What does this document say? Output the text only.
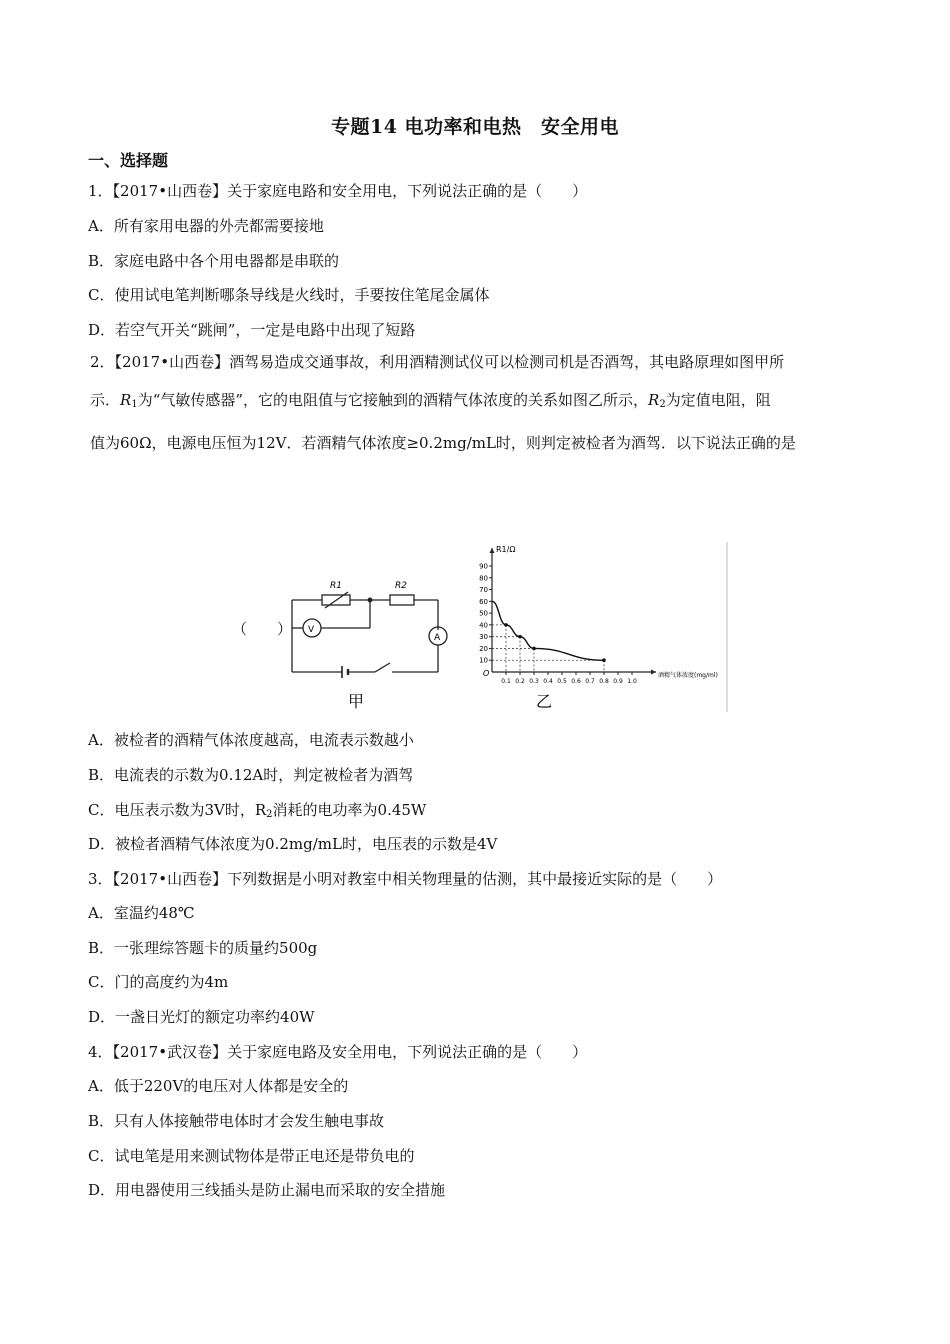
专题14 电功率和电热　安全用电
一、选择题
1．【2017•山西卷】关于家庭电路和安全用电，下列说法正确的是（　　）
A．所有家用电器的外壳都需要接地
B．家庭电路中各个用电器都是串联的
C．使用试电笔判断哪条导线是火线时，手要按住笔尾金属体
D．若空气开关“跳闸”，一定是电路中出现了短路
2．【2017•山西卷】酒驾易造成交通事故，利用酒精测试仪可以检测司机是否酒驾，其电路原理如图甲所
示．$R_1$为“气敏传感器”，它的电阻值与它接触到的酒精气体浓度的关系如图乙所示，$R_2$为定值电阻，阻
值为60Ω，电源电压恒为12V．若酒精气体浓度≥0.2mg/mL时，则判定被检者为酒驾．以下说法正确的是
（　　）
R1	R2
V
A
甲
10
20
30
40
50
60
70
80
90
0.1 0.2 0.3 0.4 0.5 0.6 0.7 0.8 0.9 1.0
O
R1/Ω
酒精气体浓度(mg/ml)
乙
A．被检者的酒精气体浓度越高，电流表示数越小
B．电流表的示数为0.12A时，判定被检者为酒驾
C．电压表示数为3V时，$R_2$消耗的电功率为0.45W
D．被检者酒精气体浓度为0.2mg/mL时，电压表的示数是4V
3．【2017•山西卷】下列数据是小明对教室中相关物理量的估测，其中最接近实际的是（　　）
A．室温约48℃
B．一张理综答题卡的质量约500g
C．门的高度约为4m
D．一盏日光灯的额定功率约40W
4．【2017•武汉卷】关于家庭电路及安全用电，下列说法正确的是（　　）
A．低于220V的电压对人体都是安全的
B．只有人体接触带电体时才会发生触电事故
C．试电笔是用来测试物体是带正电还是带负电的
D．用电器使用三线插头是防止漏电而采取的安全措施
